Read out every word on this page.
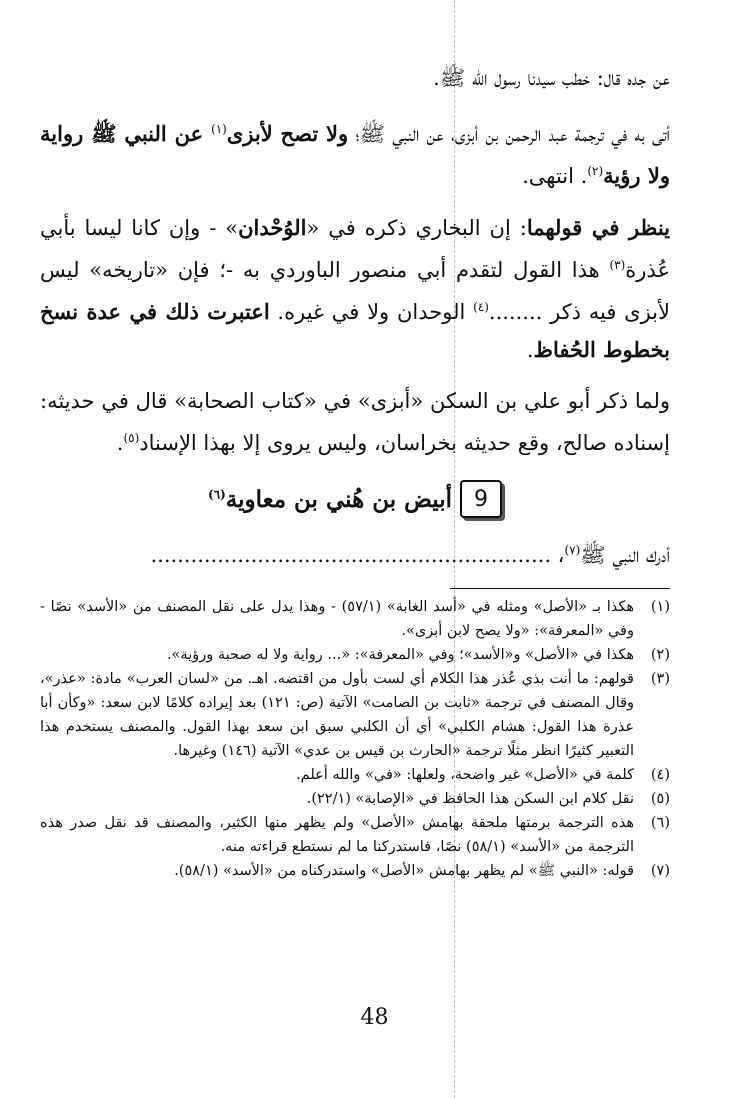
عن جده قال: خطب سيدنا رسول الله ﷺ.

أتى به في ترجمة عبد الرحمن بن أبزى، عن النبي ﷺ؛ ولا تصح لأبزى$^{(١)}$ عن النبي ﷺ رواية ولا رؤية$^{(٢)}$. انتهى.

ينظر في قولهما: إن البخاري ذكره في «الوُحْدان» - وإن كانا ليسا بأبي عُذرة$^{(٣)}$ هذا القول لتقدم أبي منصور الباوردي به -؛ فإن «تاريخه» ليس لأبزى فيه ذكر ........$^{(٤)}$ الوحدان ولا في غيره. اعتبرت ذلك في عدة نسخ بخطوط الحُفاظ.

ولما ذكر أبو علي بن السكن «أبزى» في «كتاب الصحابة» قال في حديثه: إسناده صالح، وقع حديثه بخراسان، وليس يروى إلا بهذا الإسناد$^{(٥)}$.

9
أبيض بن هُني بن معاوية$^{(٦)}$

أدرك النبي ﷺ$^{(٧)}$، ............................................................

(١)
هكذا بـ «الأصل» ومثله في «أسد الغابة» (٥٧/١) - وهذا يدل على نقل المصنف من «الأسد» نصًا - وفي «المعرفة»: «ولا يصح لابن أبزى».
(٢)
هكذا في «الأصل» و«الأسد»؛ وفي «المعرفة»: «... رواية ولا له صحبة ورؤية».
(٣)
قولهم: ما أنت بذي عُذر هذا الكلام أي لست بأول من اقتضه. اهـ. من «لسان العرب» مادة: «عذر»، وقال المصنف في ترجمة «ثابت بن الصامت» الآتية (ص: ١٢١) بعد إيراده كلامًا لابن سعد: «وكأن أبا عذرة هذا القول: هشام الكلبي» أي أن الكلبي سبق ابن سعد بهذا القول. والمصنف يستخدم هذا التعبير كثيرًا انظر مثلًا ترجمة «الحارث بن قيس بن عدي» الآتية (١٤٦) وغيرها.
(٤)
كلمة في «الأصل» غير واضحة، ولعلها: «في» والله أعلم.
(٥)
نقل كلام ابن السكن هذا الحافظ في «الإصابة» (٢٢/١).
(٦)
هذه الترجمة برمتها ملحقة بهامش «الأصل» ولم يظهر منها الكثير، والمصنف قد نقل صدر هذه الترجمة من «الأسد» (٥٨/١) نصًا، فاستدركنا ما لم نستطع قراءته منه.
(٧)
قوله: «النبي ﷺ» لم يظهر بهامش «الأصل» واستدركناه من «الأسد» (٥٨/١).
48
